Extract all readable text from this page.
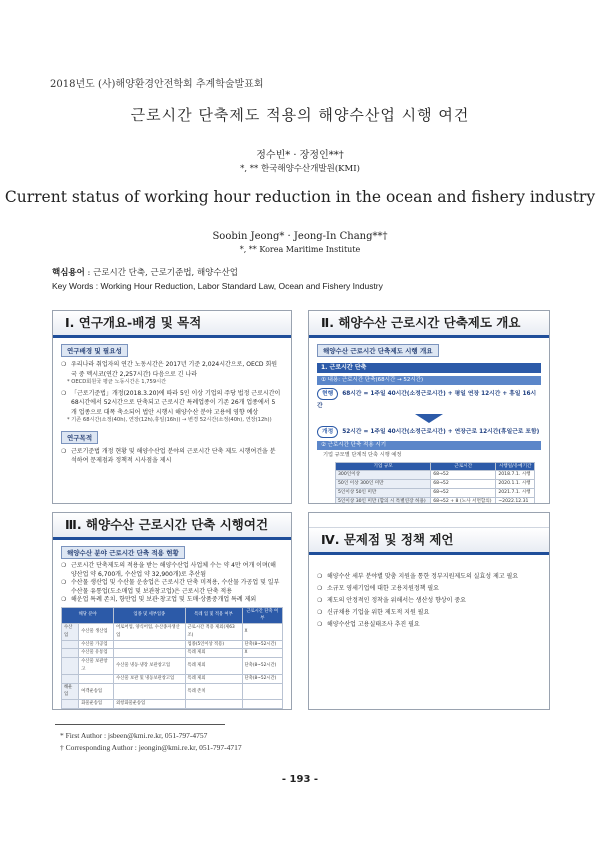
2018년도 (사)해양환경안전학회 추계학술발표회
근로시간 단축제도 적용의 해양수산업 시행 여건
정수빈* · 장정인**†
*, ** 한국해양수산개발원(KMI)
Current status of working hour reduction in the ocean and fishery industry
Soobin Jeong* · Jeong-In Chang**†
*, ** Korea Maritime Institute
핵심용어 : 근로시간 단축, 근로기준법, 해양수산업
Key Words : Working Hour Reduction, Labor Standard Law, Ocean and Fishery Industry
Ⅰ. 연구개요-배경 및 목적
연구배경 및 필요성
❍ 우리나라 취업자의 연간 노동시간은 2017년 기준 2,024시간으로, OECD 회원국 중 멕시코(연간 2,257시간) 다음으로 긴 나라
* OECD회원국 평균 노동시간은 1,759시간
❍ 「근로기준법」개정(2018.3.20)에 따라 5인 이상 기업의 주당 법정 근로시간이 68시간에서 52시간으로 단축되고 근로시간 특례업종이 기존 26개 업종에서 5개 업종으로 대폭 축소되어 법안 시행시 해양수산 분야 고용에 영향 예상
* 기존 68시간(소정(40h), 연장(12h),휴일(16h)) → 변경 52시간(소정(40h), 연장(12h))
연구목적
❍ 근로기준법 개정 현황 및 해양수산업 분야의 근로시간 단축 제도 시행여건을 분석하여 문제점과 정책적 시사점을 제시
Ⅱ. 해양수산 근로시간 단축제도 개요
해양수산 근로시간 단축제도 시행 개요
1. 근로시간 단축
① 내용: 근로시간 단축(68시간 → 52시간)
현행 68시간 = 1주일 40시간(소정근로시간) + 평일 연장 12시간 + 휴일 16시간
개정 52시간 = 1주일 40시간(소정근로시간) + 연장근로 12시간(휴일근로 포함)
② 근로시간 단축 적용 시기
기업 규모별 단계적 단축 시행 예정
기업 규모	근로시간	시행일/유예기간
300인이상	68→52	2018.7.1. 시행
50인 이상 300인 미만	68→52	2020.1.1. 시행
5인이상 50인 미만	68→52	2021.7.1. 시행
5인이상 30인 미만 (합의 시 특별연장 허용)	68→52 + 8 (노사 서면합의)	~2022.12.31
Ⅲ. 해양수산 근로시간 단축 시행여건
해양수산 분야 근로시간 단축 적용 현황
❍ 근로시간 단축제도의 적용을 받는 해양수산업 사업체 수는 약 4만 여개 이며(해양산업 약 6,700개, 수산업 약 32,900개)로 추산됨
❍ 수산물 생산업 및 수산물 운송업은 근로시간 단축 미적용, 수산물 가공업 및 일부 수산물 유통업(도소매업 및 보관창고업)은 근로시간 단축 적용
❍ 해운업 특례 존치, 항만업 및 보관·창고업 및 도매·상품중개업 특례 제외
해당 분야		업종 및 세부업종	특례 업 및 적용 여부	근로시간 단축 여부
수산업	수산물 생산업	어로어업, 양식어업, 수산종자생산업	근로시간 적용 제외(제63조)	X
	수산물 가공업		업종(5인이상 적용)	단축(8~52시간)
	수산물 유통업		특례 제외	X
	수산물 보관창고	수산물 냉동·냉장 보관창고업	특례 제외	단축(8~52시간)
		수산물 보관 및 냉동보관창고업	특례 제외	단축(8~52시간)
해운업	여객운송업		특례 존치	
	화물운송업	외항화물운송업		

Ⅳ. 문제점 및 정책 제언
❍ 해양수산 세부 분야별 맞춤 지원을 통한 정부지원제도의 실효성 제고 필요
❍ 소규모 영세기업에 대한 고용지원정책 필요
❍ 제도의 안정적인 정착을 위해서는 생산성 향상이 중요
❍ 신규채용 기업을 위한 제도적 지원 필요
❍ 해양수산업 고용실태조사 추진 필요
* First Author : jsbeen@kmi.re.kr, 051-797-4757
† Corresponding Author : jeongin@kmi.re.kr, 051-797-4717
- 193 -
